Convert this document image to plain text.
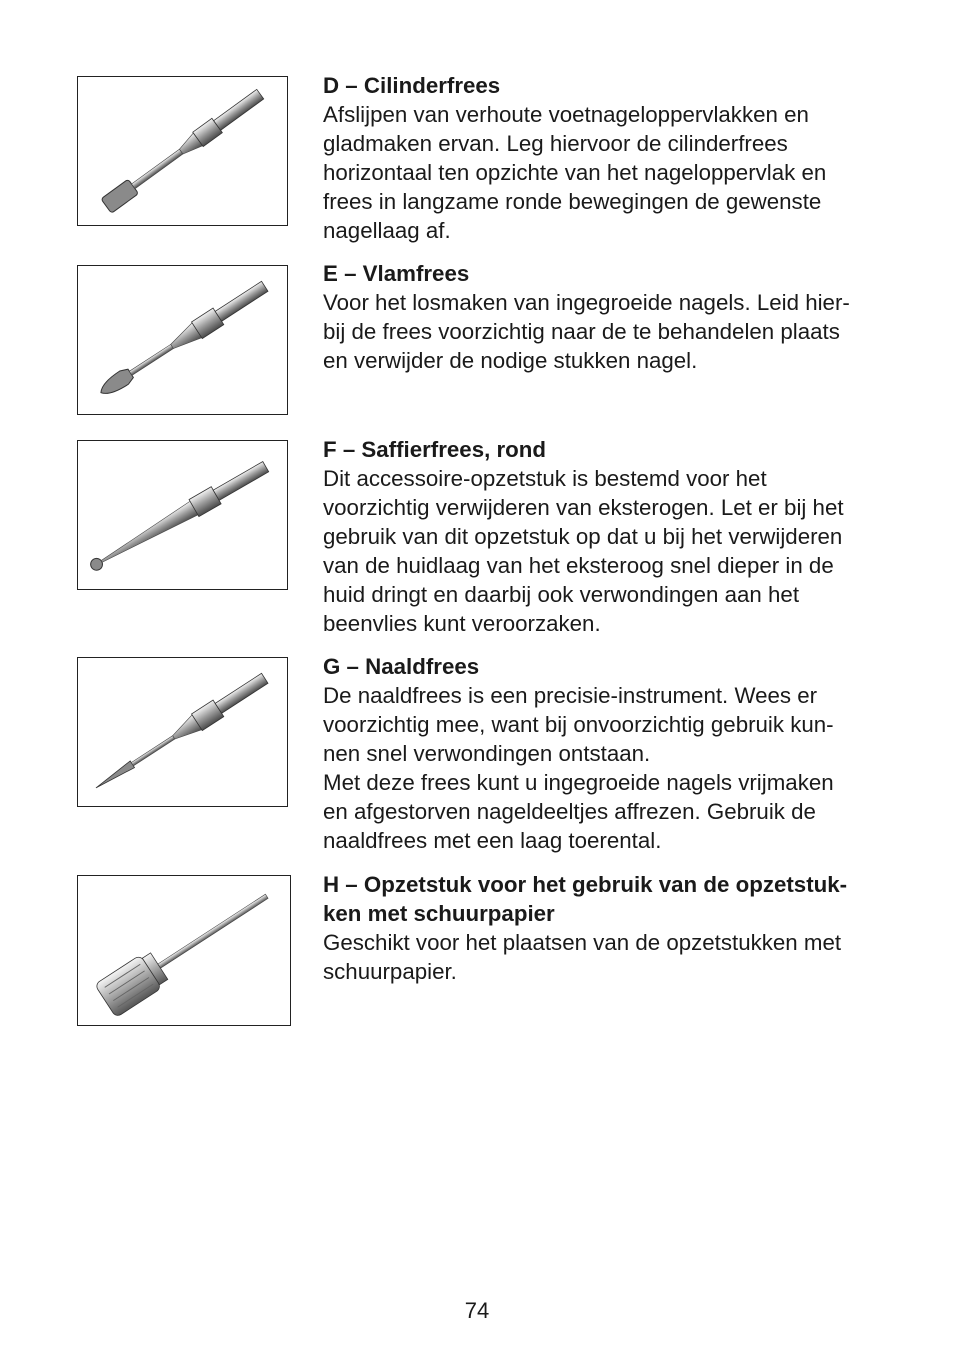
D – Cilinderfrees
Afslijpen van verhoute voetnageloppervlakken en
gladmaken ervan. Leg hiervoor de cilinderfrees
horizontaal ten opzichte van het nageloppervlak en
frees in langzame ronde bewegingen de gewenste
nagellaag af.
E – Vlamfrees
Voor het losmaken van ingegroeide nagels. Leid hier-
bij de frees voorzichtig naar de te behandelen plaats
en verwijder de nodige stukken nagel.
F – Saffierfrees, rond
Dit accessoire-opzetstuk is bestemd voor het
voorzichtig verwijderen van eksterogen. Let er bij het
gebruik van dit opzetstuk op dat u bij het verwijderen
van de huidlaag van het eksteroog snel dieper in de
huid dringt en daarbij ook verwondingen aan het
beenvlies kunt veroorzaken.
G – Naaldfrees
De naaldfrees is een precisie-instrument. Wees er
voorzichtig mee, want bij onvoorzichtig gebruik kun-
nen snel verwondingen ontstaan.
Met deze frees kunt u ingegroeide nagels vrijmaken
en afgestorven nageldeeltjes affrezen. Gebruik de
naaldfrees met een laag toerental.
H – Opzetstuk voor het gebruik van de opzetstuk-
ken met schuurpapier
Geschikt voor het plaatsen van de opzetstukken met
schuurpapier.
74
